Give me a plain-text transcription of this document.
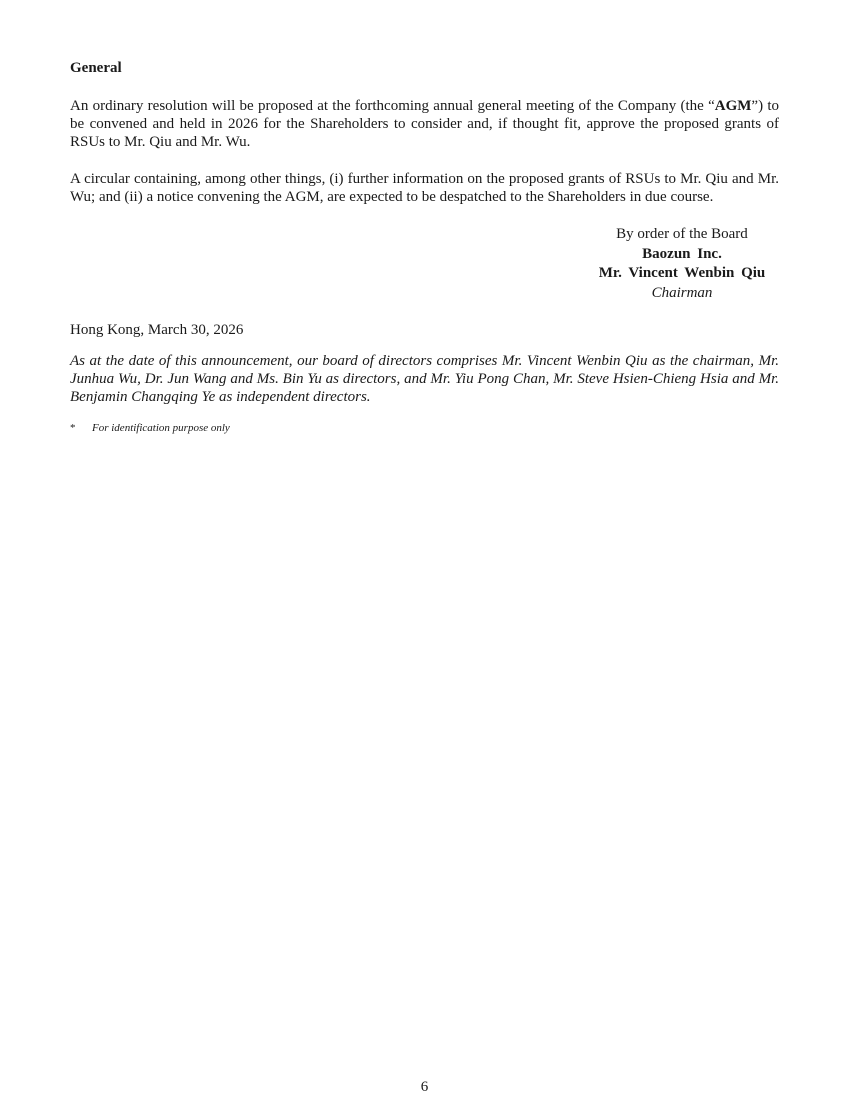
General

An ordinary resolution will be proposed at the forthcoming annual general meeting of the Company (the “AGM”) to be convened and held in 2026 for the Shareholders to consider and, if thought fit, approve the proposed grants of RSUs to Mr. Qiu and Mr. Wu.

A circular containing, among other things, (i) further information on the proposed grants of RSUs to Mr. Qiu and Mr. Wu; and (ii) a notice convening the AGM, are expected to be despatched to the Shareholders in due course.

By order of the Board
Baozun Inc.
Mr. Vincent Wenbin Qiu
Chairman
Hong Kong, March 30, 2026

As at the date of this announcement, our board of directors comprises Mr. Vincent Wenbin Qiu as the chairman, Mr. Junhua Wu, Dr. Jun Wang and Ms. Bin Yu as directors, and Mr. Yiu Pong Chan, Mr. Steve Hsien-Chieng Hsia and Mr. Benjamin Changqing Ye as independent directors.

*	For identification purpose only
6
